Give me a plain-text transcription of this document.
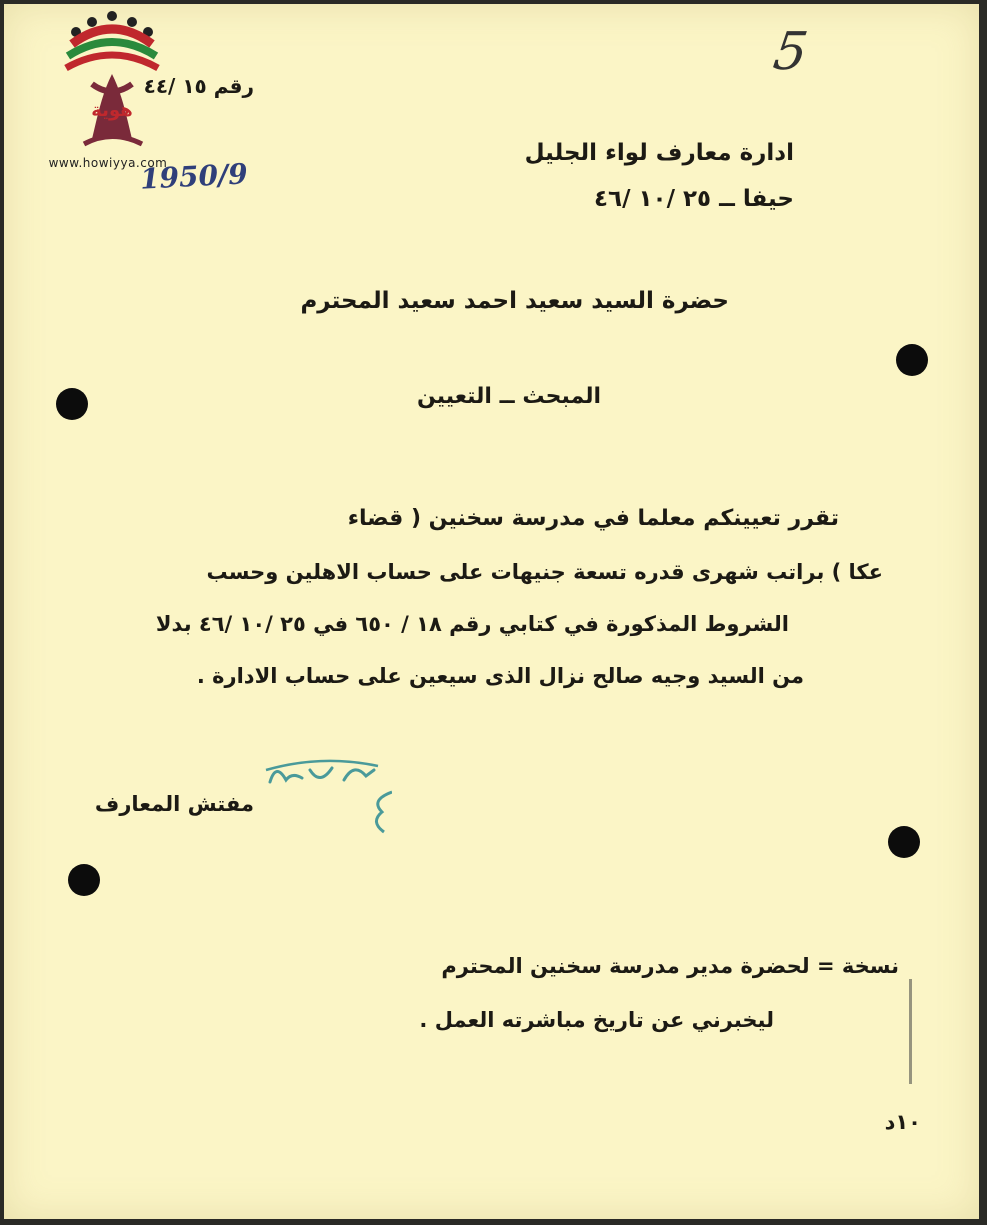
هوية
www.howiyya.com
5
رقم ١٥ /٤٤
1950/9
ادارة معارف لواء الجليل
حيفا ــ ٢٥ /١٠ /٤٦
حضرة السيد سعيد احمد سعيد المحترم
المبحث ــ التعيين
تقرر تعيينكم معلما في مدرسة سخنين ( قضاء
عكا ) براتب شهرى قدره تسعة جنيهات على حساب الاهلين وحسب
الشروط المذكورة في كتابي رقم ١٨ / ٦٥٠ في ٢٥ /١٠ /٤٦ بدلا
من السيد وجيه صالح نزال الذى سيعين على حساب الادارة .
مفتش المعارف
نسخة = لحضرة مدير مدرسة سخنين المحترم
ليخبرني عن تاريخ مباشرته العمل .
١٠د
